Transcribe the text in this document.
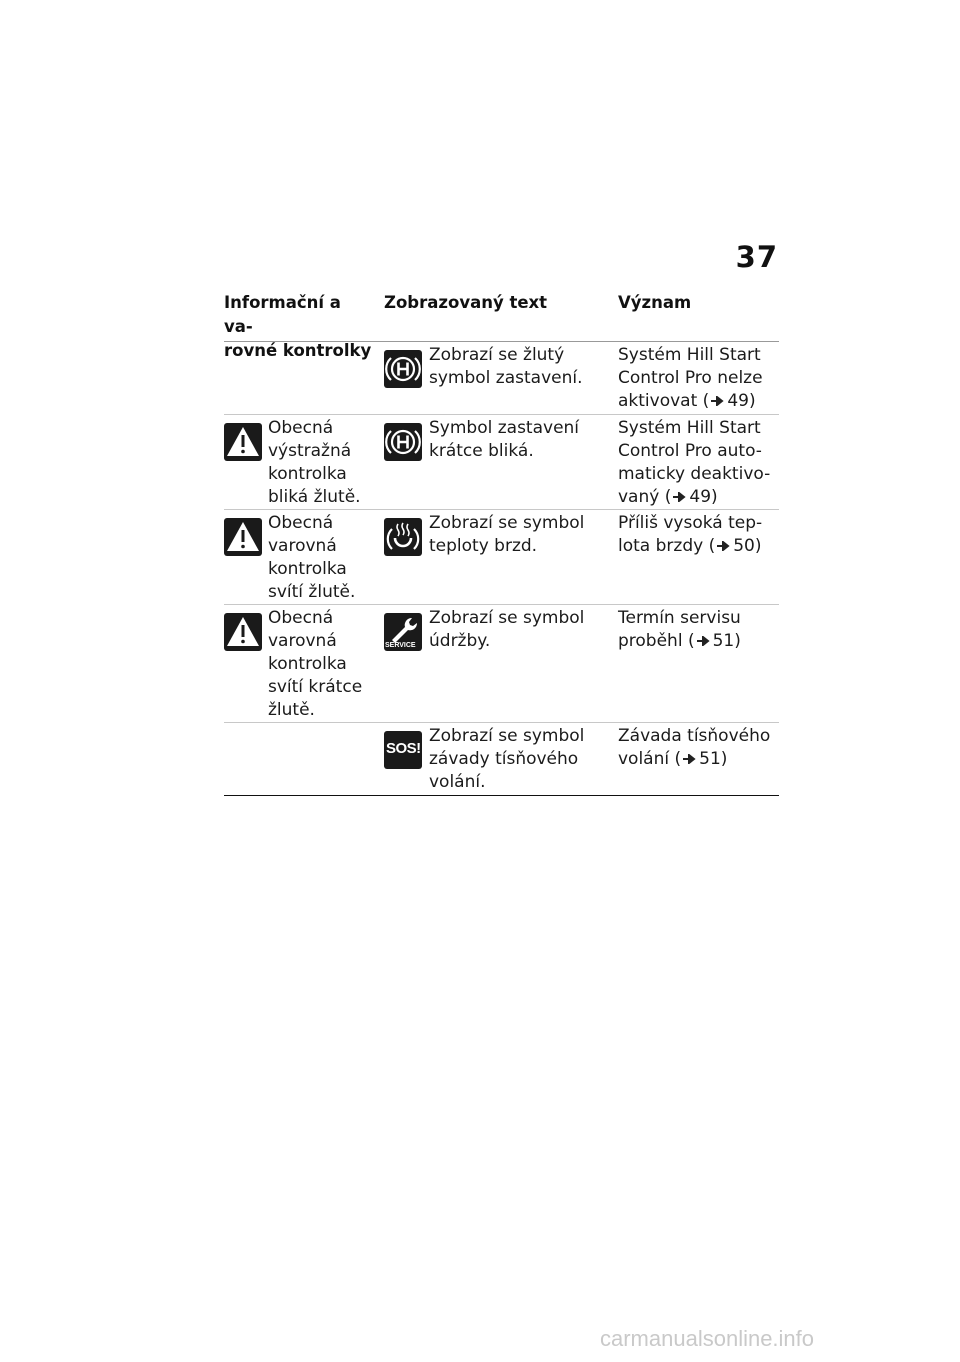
37
Informační a va-
rovné kontrolky
Zobrazovaný text	Význam
Zobrazí se žlutý symbol zastavení.
Systém Hill Start Control Pro nelze aktivovat ( 49)
Obecná výstražná kontrolka bliká žlutě.
Symbol zastavení krátce bliká.
Systém Hill Start Control Pro auto-maticky deaktivo-vaný ( 49)
Obecná varovná kontrolka svítí žlutě.
Zobrazí se symbol teploty brzd.
Příliš vysoká tep-lota brzdy ( 50)
Obecná varovná kontrolka svítí krátce žlutě.
SERVICE
Zobrazí se symbol údržby.
Termín servisu proběhl ( 51)
SOS!
Zobrazí se symbol závady tísňového volání.
Závada tísňového volání ( 51)
carmanualsonline.info
